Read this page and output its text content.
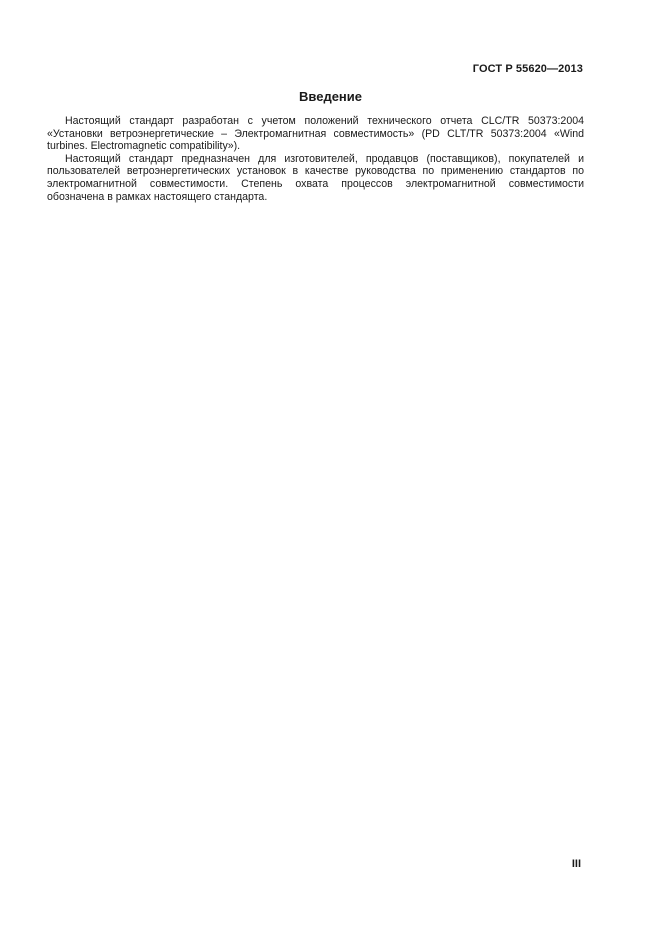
ГОСТ Р 55620—2013
Введение

Настоящий стандарт разработан с учетом положений технического отчета CLC/TR 50373:2004 «Установки ветроэнергетические – Электромагнитная совместимость» (PD CLT/TR 50373:2004 «Wind turbines. Electromagnetic compatibility»).

Настоящий стандарт предназначен для изготовителей, продавцов (поставщиков), покупателей и пользователей ветроэнергетических установок в качестве руководства по применению стандартов по электромагнитной совместимости. Степень охвата процессов электромагнитной совместимости обозначена в рамках настоящего стандарта.

III
